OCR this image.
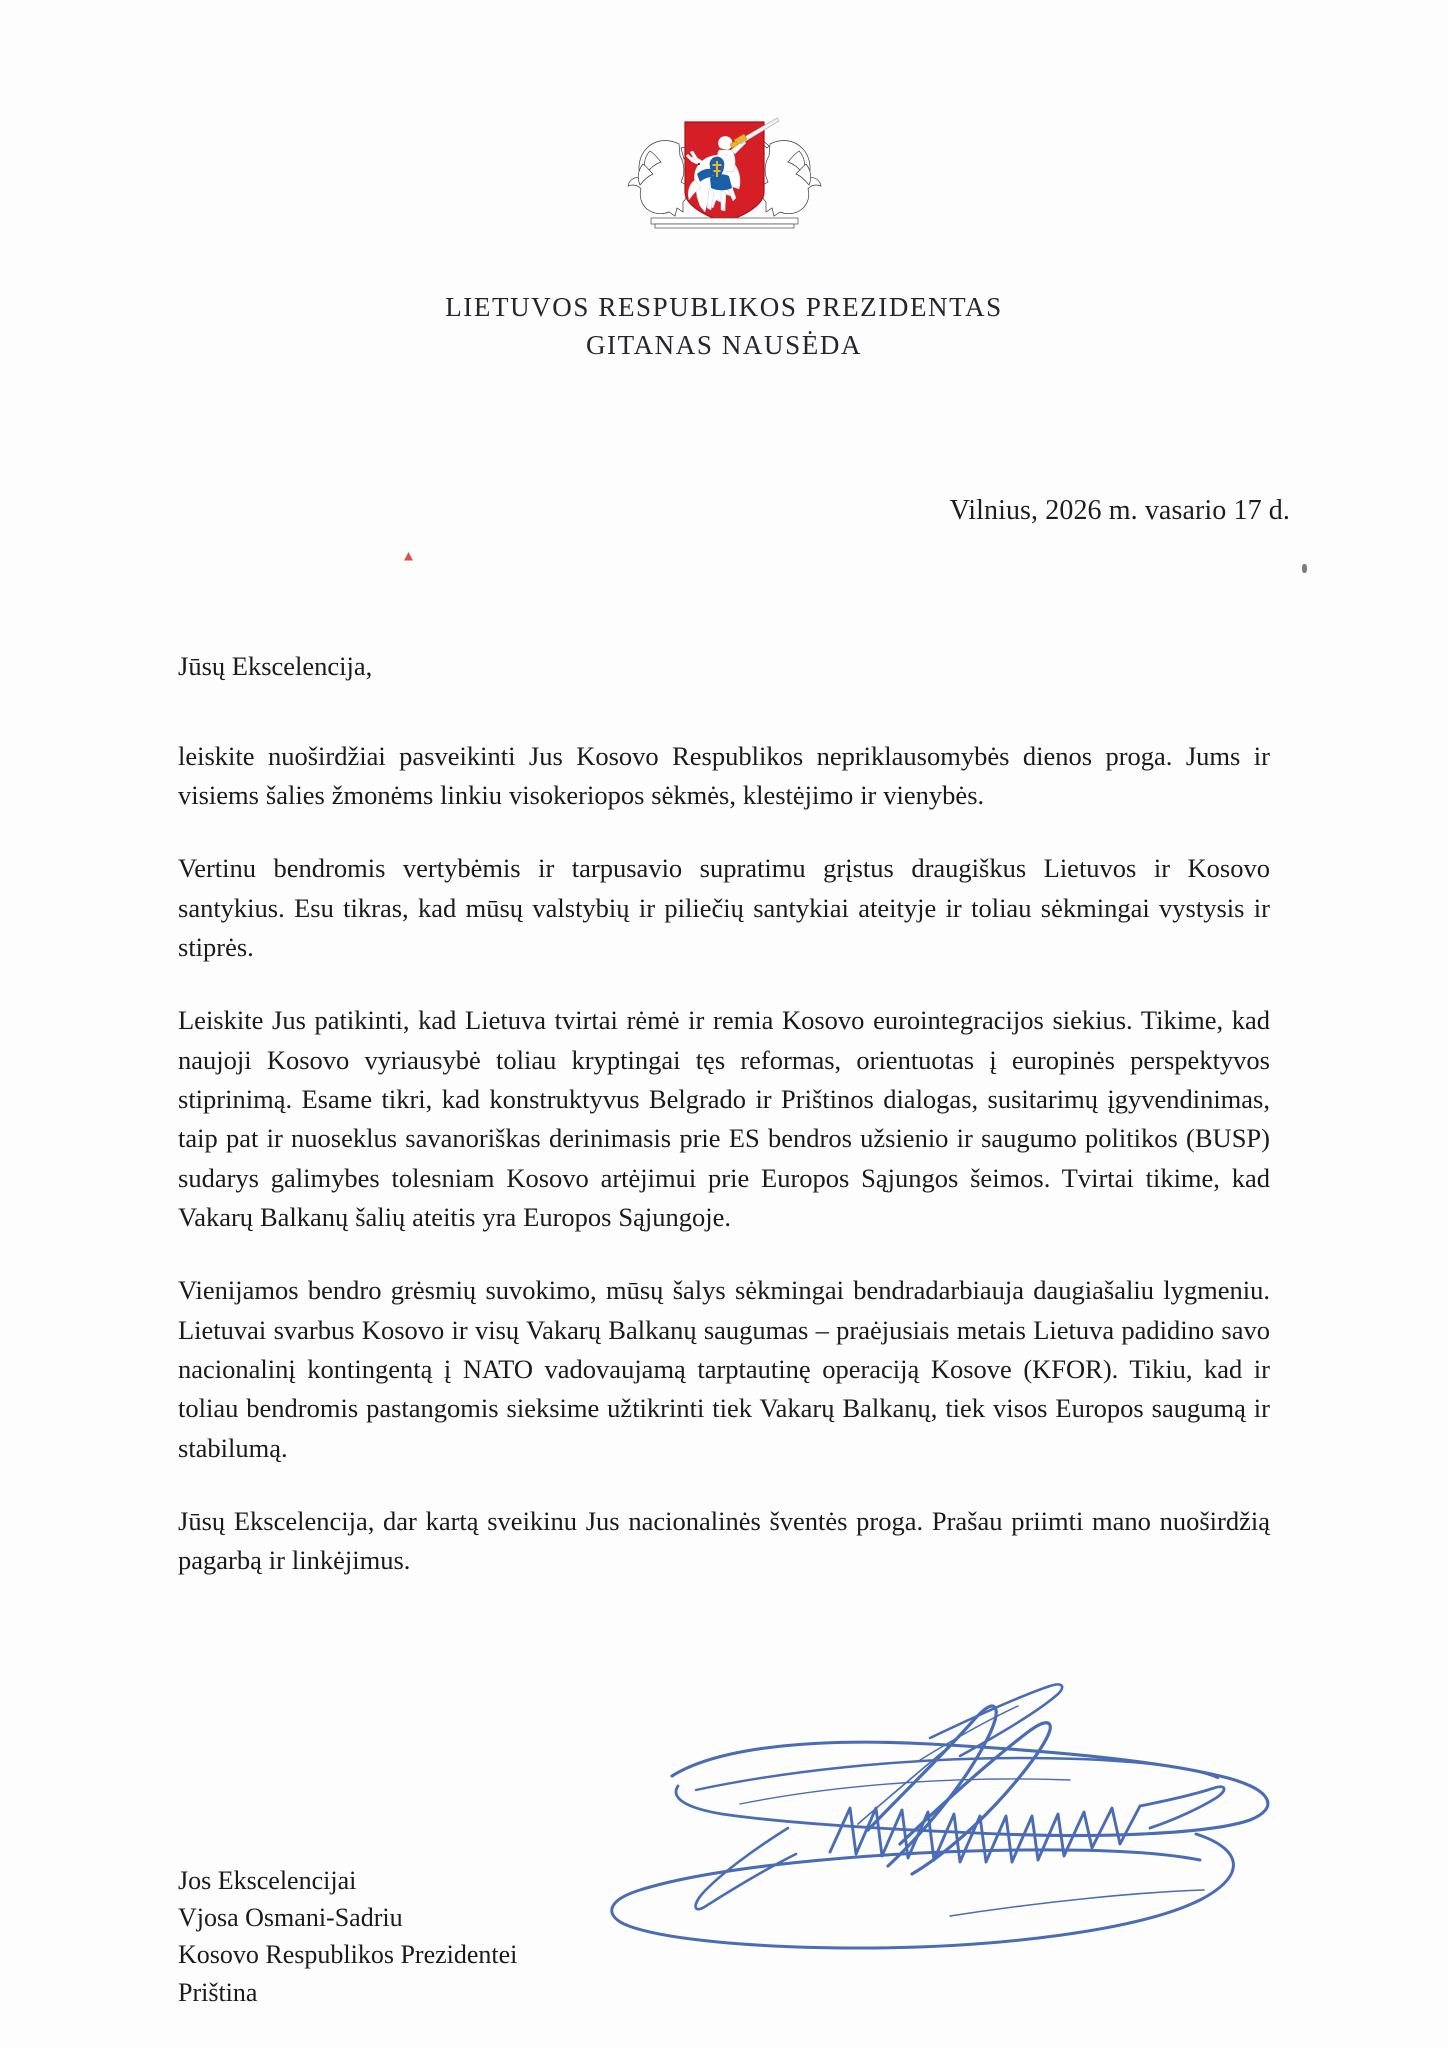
LIETUVOS RESPUBLIKOS PREZIDENTAS
GITANAS NAUSĖDA
Vilnius, 2026 m. vasario 17 d.
Jūsų Ekscelencija,

leiskite nuoširdžiai pasveikinti Jus Kosovo Respublikos nepriklausomybės dienos proga. Jums ir visiems šalies žmonėms linkiu visokeriopos sėkmės, klestėjimo ir vienybės.

Vertinu bendromis vertybėmis ir tarpusavio supratimu grįstus draugiškus Lietuvos ir Kosovo santykius. Esu tikras, kad mūsų valstybių ir piliečių santykiai ateityje ir toliau sėkmingai vystysis ir stiprės.

Leiskite Jus patikinti, kad Lietuva tvirtai rėmė ir remia Kosovo eurointegracijos siekius. Tikime, kad naujoji Kosovo vyriausybė toliau kryptingai tęs reformas, orientuotas į europinės perspektyvos stiprinimą. Esame tikri, kad konstruktyvus Belgrado ir Prištinos dialogas, susitarimų įgyvendinimas, taip pat ir nuoseklus savanoriškas derinimasis prie ES bendros užsienio ir saugumo politikos (BUSP) sudarys galimybes tolesniam Kosovo artėjimui prie Europos Sąjungos šeimos. Tvirtai tikime, kad Vakarų Balkanų šalių ateitis yra Europos Sąjungoje.

Vienijamos bendro grėsmių suvokimo, mūsų šalys sėkmingai bendradarbiauja daugiašaliu lygmeniu. Lietuvai svarbus Kosovo ir visų Vakarų Balkanų saugumas – praėjusiais metais Lietuva padidino savo nacionalinį kontingentą į NATO vadovaujamą tarptautinę operaciją Kosove (KFOR). Tikiu, kad ir toliau bendromis pastangomis sieksime užtikrinti tiek Vakarų Balkanų, tiek visos Europos saugumą ir stabilumą.

Jūsų Ekscelencija, dar kartą sveikinu Jus nacionalinės šventės proga. Prašau priimti mano nuoširdžią pagarbą ir linkėjimus.

Jos Ekscelencijai
Vjosa Osmani-Sadriu
Kosovo Respublikos Prezidentei
Priština
